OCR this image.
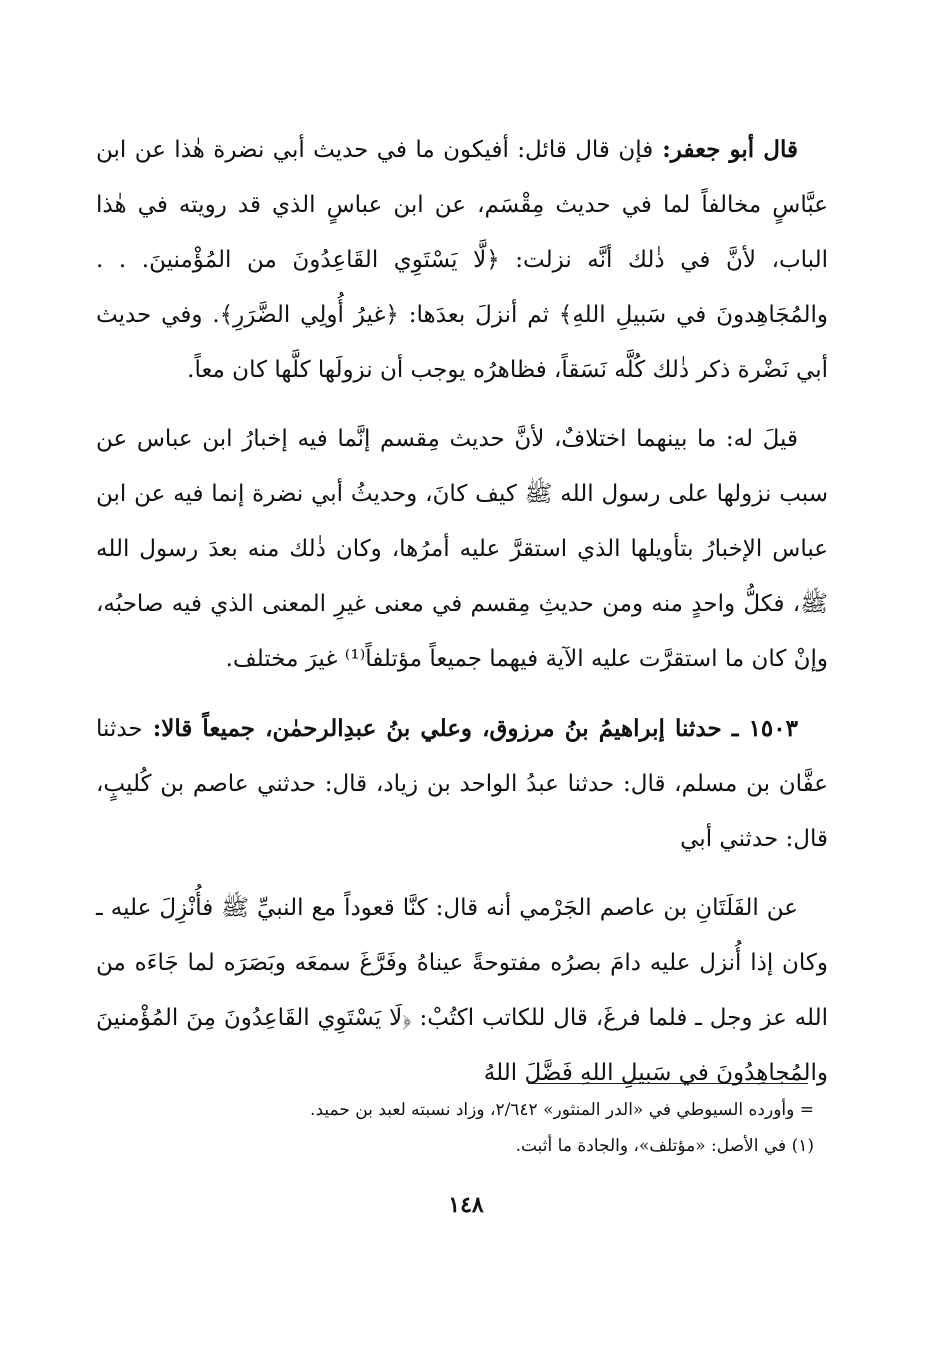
قال أبو جعفر: فإن قال قائل: أفيكون ما في حديث أبي نضرة هٰذا عن ابن عبَّاسٍ مخالفاً لما في حديث مِقْسَم، عن ابن عباسٍ الذي قد رويته في هٰذا الباب، لأنَّ في ذٰلك أنَّه نزلت: ﴿لَّا يَسْتَوِي القَاعِدُونَ من المُؤْمنينَ. . . والمُجَاهِدونَ في سَبيلِ اللهِ﴾ ثم أنزلَ بعدَها: ﴿غيرُ أُولِي الضَّرَرِ﴾. وفي حديث أبي نَضْرة ذكر ذٰلك كُلَّه نَسَقاً، فظاهرُه يوجب أن نزولَها كلَّها كان معاً.

قيلَ له: ما بينهما اختلافٌ، لأنَّ حديث مِقسم إنَّما فيه إخبارُ ابن عباس عن سبب نزولها على رسول الله ﷺ كيف كانَ، وحديثُ أبي نضرة إنما فيه عن ابن عباس الإخبارُ بتأويلها الذي استقرَّ عليه أمرُها، وكان ذٰلك منه بعدَ رسول الله ﷺ، فكلُّ واحدٍ منه ومن حديثِ مِقسم في معنى غيرِ المعنى الذي فيه صاحبُه، وإنْ كان ما استقرَّت عليه الآية فيهما جميعاً مؤتلفاً⁽¹⁾ غيرَ مختلف.

١٥٠٣ ـ حدثنا إبراهيمُ بنُ مرزوق، وعلي بنُ عبدِالرحمٰن، جميعاً قالا: حدثنا عفَّان بن مسلم، قال: حدثنا عبدُ الواحد بن زياد، قال: حدثني عاصم بن كُليبٍ، قال: حدثني أبي

عن الفَلَتَانِ بن عاصم الجَرْمي أنه قال: كنَّا قعوداً مع النبيِّ ﷺ فأُنْزِلَ عليه ـ وكان إذا أُنزل عليه دامَ بصرُه مفتوحةً عيناهُ وفَرَّغَ سمعَه وبَصَرَه لما جَاءَه من الله عز وجل ـ فلما فرغَ، قال للكاتب اكتُبْ: ﴿لَا يَسْتَوِي القَاعِدُونَ مِنَ المُؤْمنينَ والمُجاهِدُونَ في سَبيلِ اللهِ فَضَّلَ اللهُ

= وأورده السيوطي في «الدر المنثور» ٢/٦٤٢، وزاد نسبته لعبد بن حميد.

(١) في الأصل: «مؤتلف»، والجادة ما أثبت.

١٤٨
